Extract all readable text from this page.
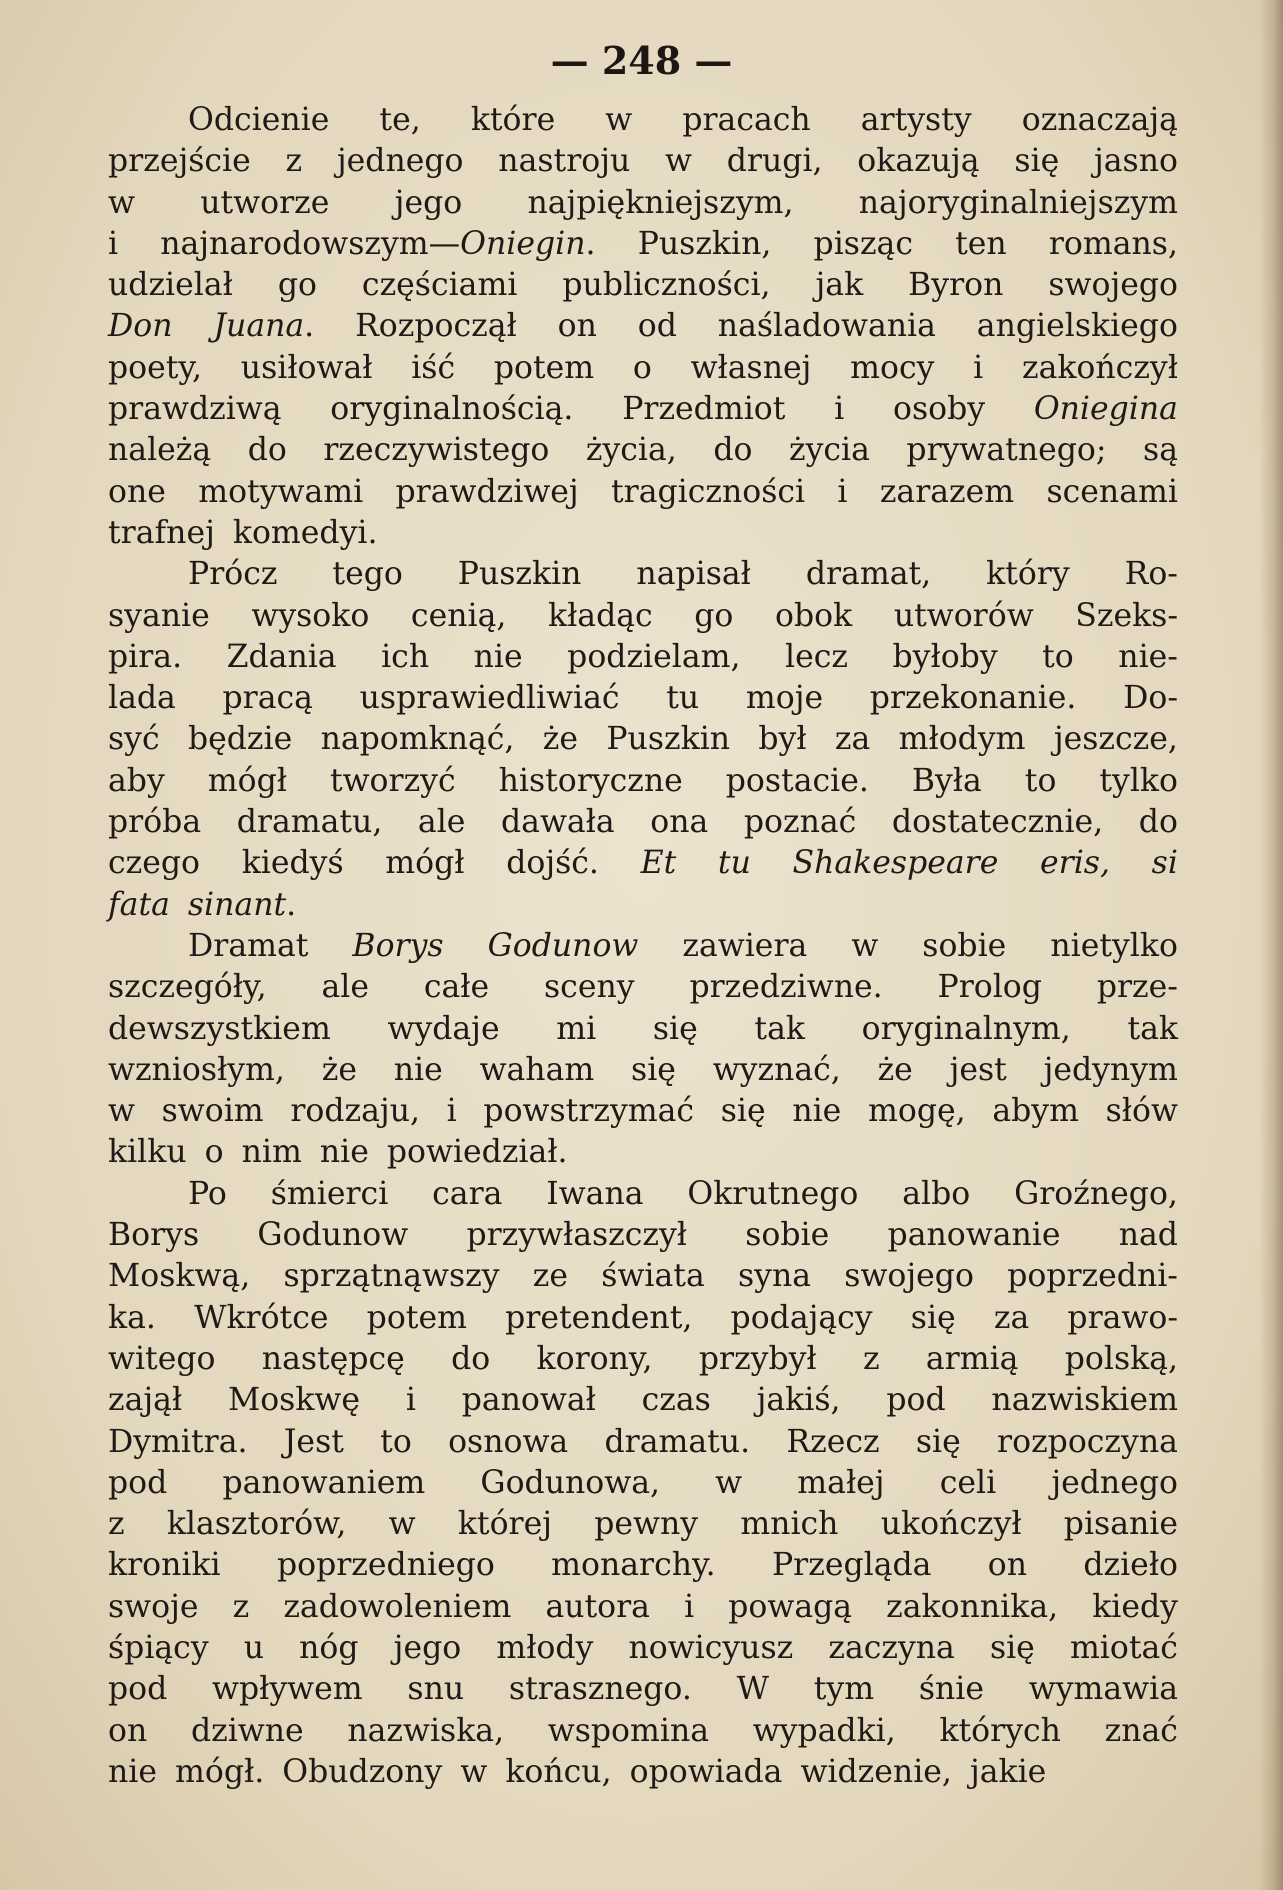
— 248 —
Odcienie te, które w pracach artysty oznaczają
przejście z jednego nastroju w drugi, okazują się jasno
w utworze jego najpiękniejszym, najoryginalniejszym
i najnarodowszym—Oniegin. Puszkin, pisząc ten romans,
udzielał go częściami publiczności, jak Byron swojego
Don Juana. Rozpoczął on od naśladowania angielskiego
poety, usiłował iść potem o własnej mocy i zakończył
prawdziwą oryginalnością. Przedmiot i osoby Oniegina
należą do rzeczywistego życia, do życia prywatnego; są
one motywami prawdziwej tragiczności i zarazem scenami
trafnej komedyi.
Prócz tego Puszkin napisał dramat, który Ro-
syanie wysoko cenią, kładąc go obok utworów Szeks-
pira. Zdania ich nie podzielam, lecz byłoby to nie-
lada pracą usprawiedliwiać tu moje przekonanie. Do-
syć będzie napomknąć, że Puszkin był za młodym jeszcze,
aby mógł tworzyć historyczne postacie. Była to tylko
próba dramatu, ale dawała ona poznać dostatecznie, do
czego kiedyś mógł dojść. Et tu Shakespeare eris, si
fata sinant.
Dramat Borys Godunow zawiera w sobie nietylko
szczegóły, ale całe sceny przedziwne. Prolog prze-
dewszystkiem wydaje mi się tak oryginalnym, tak
wzniosłym, że nie waham się wyznać, że jest jedynym
w swoim rodzaju, i powstrzymać się nie mogę, abym słów
kilku o nim nie powiedział.
Po śmierci cara Iwana Okrutnego albo Groźnego,
Borys Godunow przywłaszczył sobie panowanie nad
Moskwą, sprzątnąwszy ze świata syna swojego poprzedni-
ka. Wkrótce potem pretendent, podający się za prawo-
witego następcę do korony, przybył z armią polską,
zajął Moskwę i panował czas jakiś, pod nazwiskiem
Dymitra. Jest to osnowa dramatu. Rzecz się rozpoczyna
pod panowaniem Godunowa, w małej celi jednego
z klasztorów, w której pewny mnich ukończył pisanie
kroniki poprzedniego monarchy. Przegląda on dzieło
swoje z zadowoleniem autora i powagą zakonnika, kiedy
śpiący u nóg jego młody nowicyusz zaczyna się miotać
pod wpływem snu strasznego. W tym śnie wymawia
on dziwne nazwiska, wspomina wypadki, których znać
nie mógł. Obudzony w końcu, opowiada widzenie, jakie
